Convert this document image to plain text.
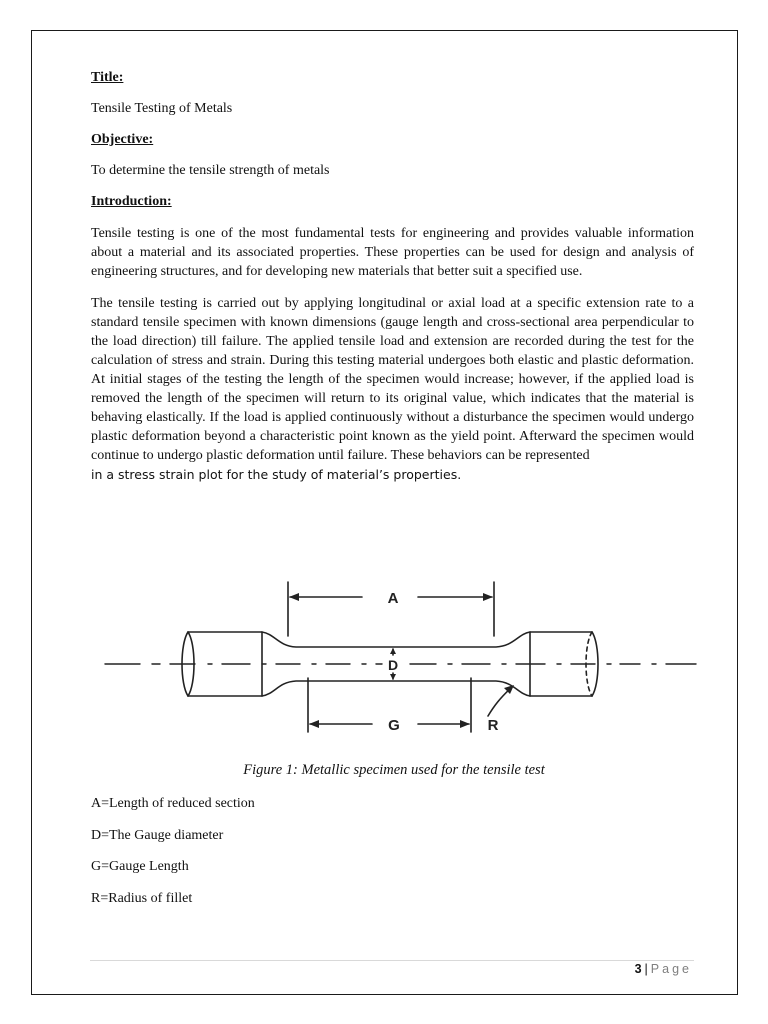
Title:

Tensile Testing of Metals

Objective:

To determine the tensile strength of metals

Introduction:

Tensile testing is one of the most fundamental tests for engineering and provides valuable information about a material and its associated properties. These properties can be used for design and analysis of engineering structures, and for developing new materials that better suit a specified use.

The tensile testing is carried out by applying longitudinal or axial load at a specific extension rate to a standard tensile specimen with known dimensions (gauge length and cross-sectional area perpendicular to the load direction) till failure. The applied tensile load and extension are recorded during the test for the calculation of stress and strain. During this testing material undergoes both elastic and plastic deformation. At initial stages of the testing the length of the specimen would increase; however, if the applied load is removed the length of the specimen will return to its original value, which indicates that the material is behaving elastically. If the load is applied continuously without a disturbance the specimen would undergo plastic deformation beyond a characteristic point known as the yield point. Afterward the specimen would continue to undergo plastic deformation until failure. These behaviors can be represented

in a stress strain plot for the study of material’s properties.

A
D
G	R
Figure 1: Metallic specimen used for the tensile test

A=Length of reduced section

D=The Gauge diameter

G=Gauge Length

R=Radius of fillet

3 | Page
